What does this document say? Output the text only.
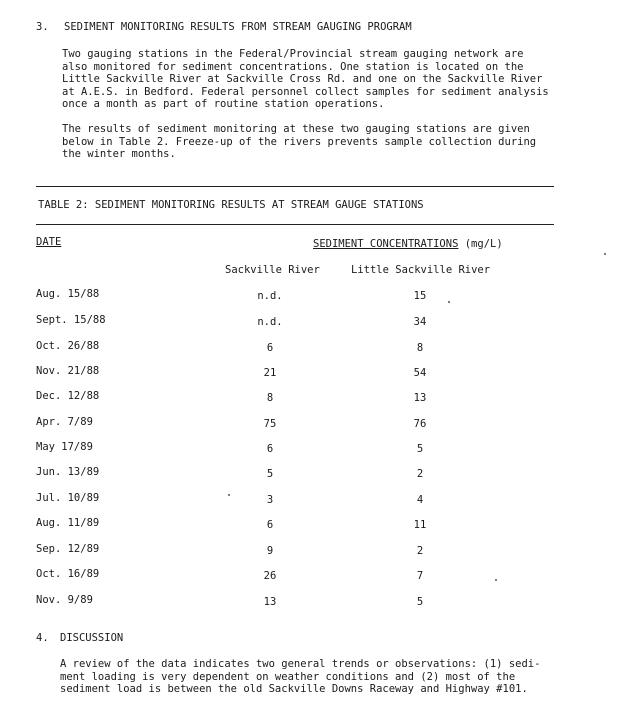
3. SEDIMENT MONITORING RESULTS FROM STREAM GAUGING PROGRAM
Two gauging stations in the Federal/Provincial stream gauging network are
also monitored for sediment concentrations. One station is located on the
Little Sackville River at Sackville Cross Rd. and one on the Sackville River
at A.E.S. in Bedford. Federal personnel collect samples for sediment analysis
once a month as part of routine station operations.
The results of sediment monitoring at these two gauging stations are given
below in Table 2. Freeze-up of the rivers prevents sample collection during
the winter months.
TABLE 2: SEDIMENT MONITORING RESULTS AT STREAM GAUGE STATIONS
DATE	SEDIMENT CONCENTRATIONS (mg/L)
Sackville River	Little Sackville River
Aug. 15/88	n.d.	15
Sept. 15/88	n.d.	34
Oct. 26/88	6	8
Nov. 21/88	21	54
Dec. 12/88	8	13
Apr. 7/89	75	76
May 17/89	6	5
Jun. 13/89	5	2
Jul. 10/89	3	4
Aug. 11/89	6	11
Sep. 12/89	9	2
Oct. 16/89	26	7
Nov. 9/89	13	5
4. DISCUSSION
A review of the data indicates two general trends or observations: (1) sedi-
ment loading is very dependent on weather conditions and (2) most of the
sediment load is between the old Sackville Downs Raceway and Highway #101.
